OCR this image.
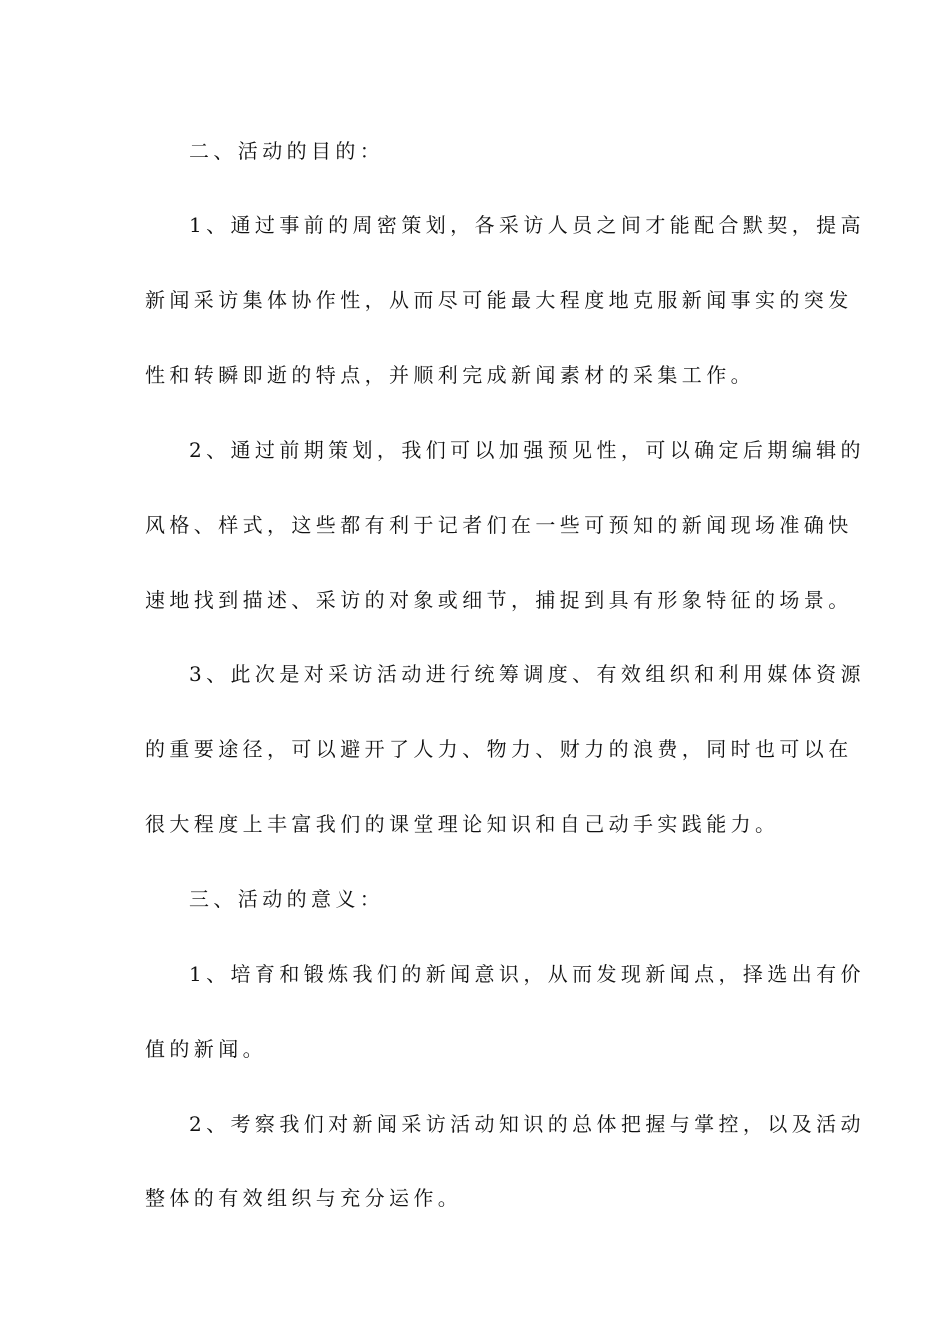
二、活动的目的：
1、通过事前的周密策划，各采访人员之间才能配合默契，提高
新闻采访集体协作性，从而尽可能最大程度地克服新闻事实的突发
性和转瞬即逝的特点，并顺利完成新闻素材的采集工作。
2、通过前期策划，我们可以加强预见性，可以确定后期编辑的
风格、样式，这些都有利于记者们在一些可预知的新闻现场准确快
速地找到描述、采访的对象或细节，捕捉到具有形象特征的场景。
3、此次是对采访活动进行统筹调度、有效组织和利用媒体资源
的重要途径，可以避开了人力、物力、财力的浪费，同时也可以在
很大程度上丰富我们的课堂理论知识和自己动手实践能力。
三、活动的意义：
1、培育和锻炼我们的新闻意识，从而发现新闻点，择选出有价
值的新闻。
2、考察我们对新闻采访活动知识的总体把握与掌控，以及活动
整体的有效组织与充分运作。
